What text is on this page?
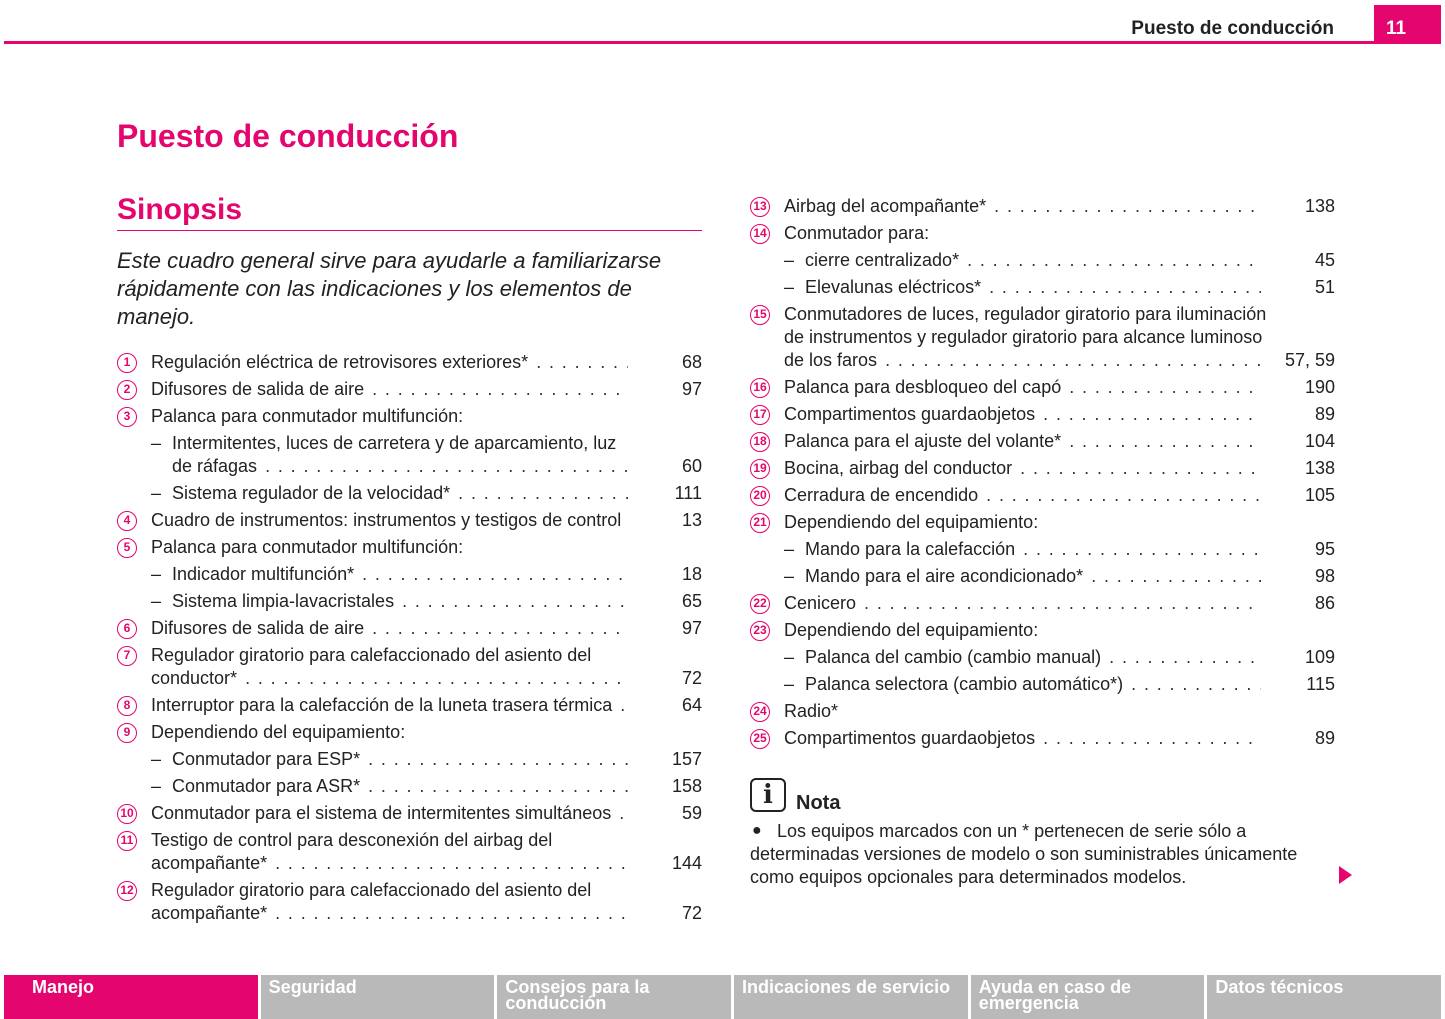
11
Puesto de conducción
Puesto de conducción
Sinopsis

Este cuadro general sirve para ayudarle a familiarizarse rápidamente con las indicaciones y los elementos de manejo.

1	Regulación eléctrica de retrovisores exteriores* . . .	68
2	Difusores de salida de aire . . .	97
3	Palanca para conmutador multifunción:
– Intermitentes, luces de carretera y de aparcamiento, luz
de ráfagas . . .	60
– Sistema regulador de la velocidad* . . .	111
4	Cuadro de instrumentos: instrumentos y testigos de control	13
5	Palanca para conmutador multifunción:
– Indicador multifunción* . . .	18
– Sistema limpia-lavacristales . . .	65
6	Difusores de salida de aire . . .	97
7	Regulador giratorio para calefaccionado del asiento del
conductor* . . .	72
8	Interruptor para la calefacción de la luneta trasera térmica . . .	64
9	Dependiendo del equipamiento:
– Conmutador para ESP* . . .	157
– Conmutador para ASR* . . .	158
10 Conmutador para el sistema de intermitentes simultáneos . . .	59
11 Testigo de control para desconexión del airbag del
acompañante* . . .	144
12 Regulador giratorio para calefaccionado del asiento del
acompañante* . . .	72
13 Airbag del acompañante* . . .	138
14 Conmutador para:
– cierre centralizado* . . .	45
– Elevalunas eléctricos* . . .	51
15 Conmutadores de luces, regulador giratorio para iluminación
de instrumentos y regulador giratorio para alcance luminoso
de los faros . . .	57, 59
16 Palanca para desbloqueo del capó . . .	190
17 Compartimentos guardaobjetos . . .	89
18 Palanca para el ajuste del volante* . . .	104
19 Bocina, airbag del conductor . . .	138
20 Cerradura de encendido . . .	105
21 Dependiendo del equipamiento:
– Mando para la calefacción . . .	95
– Mando para el aire acondicionado* . . .	98
22 Cenicero . . .	86
23 Dependiendo del equipamiento:
– Palanca del cambio (cambio manual) . . .	109
– Palanca selectora (cambio automático*) . . .	115
24 Radio*
25 Compartimentos guardaobjetos . . .	89
i Nota
● Los equipos marcados con un * pertenecen de serie sólo a determinadas versiones de modelo o son suministrables únicamente como equipos opcionales para determinados modelos.

Manejo	Seguridad	Consejos para la conducción
Indicaciones de servicio	Ayuda en caso de emergencia
Datos técnicos
